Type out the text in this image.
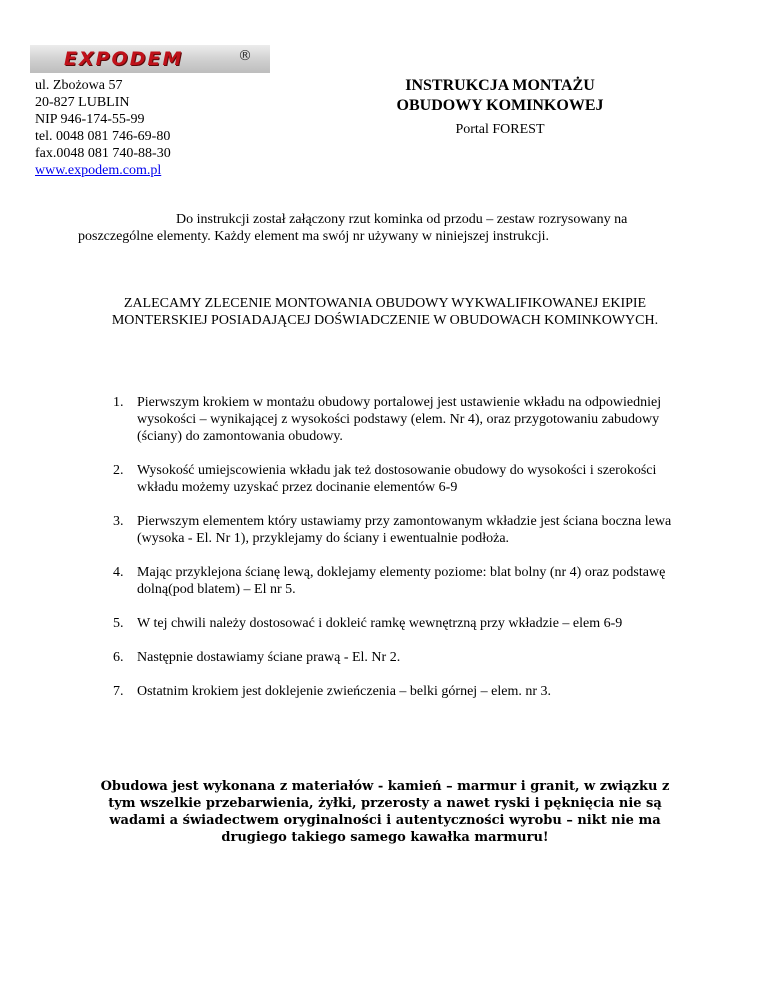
EXPODEM	®
ul. Zbożowa 57
20-827 LUBLIN
NIP 946-174-55-99
tel. 0048 081 746-69-80
fax.0048 081 740-88-30
www.expodem.com.pl
INSTRUKCJA MONTAŻU
OBUDOWY KOMINKOWEJ
Portal FOREST

Do instrukcji został załączony rzut kominka od przodu – zestaw rozrysowany na poszczególne elementy. Każdy element ma swój nr używany w niniejszej instrukcji.

ZALECAMY ZLECENIE MONTOWANIA OBUDOWY WYKWALIFIKOWANEJ EKIPIE MONTERSKIEJ POSIADAJĄCEJ DOŚWIADCZENIE W OBUDOWACH KOMINKOWYCH.

1. Pierwszym krokiem w montażu obudowy portalowej jest ustawienie wkładu na odpowiedniej wysokości – wynikającej z wysokości podstawy (elem. Nr 4), oraz przygotowaniu zabudowy (ściany) do zamontowania obudowy.
2. Wysokość umiejscowienia wkładu jak też dostosowanie obudowy do wysokości i szerokości wkładu możemy uzyskać przez docinanie elementów 6-9
3. Pierwszym elementem który ustawiamy przy zamontowanym wkładzie jest ściana boczna lewa (wysoka - El. Nr 1), przyklejamy do ściany i ewentualnie podłoża.
4. Mając przyklejona ścianę lewą, doklejamy elementy poziome: blat bolny (nr 4) oraz podstawę dolną(pod blatem) – El nr 5.
5. W tej chwili należy dostosować i dokleić ramkę wewnętrzną przy wkładzie – elem 6-9
6. Następnie dostawiamy ściane prawą - El. Nr 2.
7. Ostatnim krokiem jest doklejenie zwieńczenia – belki górnej – elem. nr 3.

Obudowa jest wykonana z materiałów - kamień – marmur i granit, w związku z tym wszelkie przebarwienia, żyłki, przerosty a nawet ryski i pęknięcia nie są wadami a świadectwem oryginalności i autentyczności wyrobu – nikt nie ma drugiego takiego samego kawałka marmuru!
